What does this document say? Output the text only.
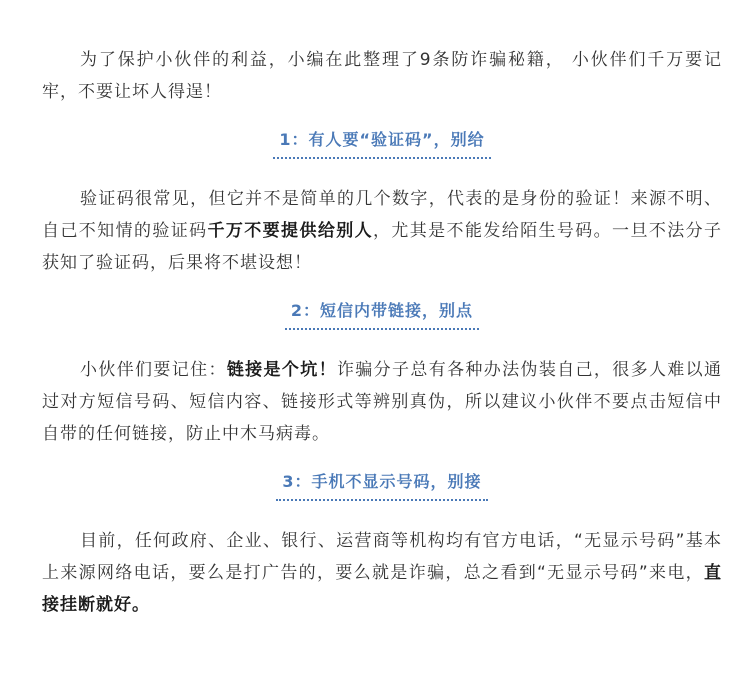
为了保护小伙伴的利益，小编在此整理了9条防诈骗秘籍， 小伙伴们千万要记牢，不要让坏人得逞！

1：有人要“验证码”，别给

验证码很常见，但它并不是简单的几个数字，代表的是身份的验证！来源不明、自己不知情的验证码千万不要提供给别人，尤其是不能发给陌生号码。一旦不法分子获知了验证码，后果将不堪设想！

2：短信内带链接，别点

小伙伴们要记住：链接是个坑！诈骗分子总有各种办法伪装自己，很多人难以通过对方短信号码、短信内容、链接形式等辨别真伪，所以建议小伙伴不要点击短信中自带的任何链接，防止中木马病毒。

3：手机不显示号码，别接

目前，任何政府、企业、银行、运营商等机构均有官方电话，“无显示号码”基本上来源网络电话，要么是打广告的，要么就是诈骗，总之看到“无显示号码”来电，直接挂断就好。
